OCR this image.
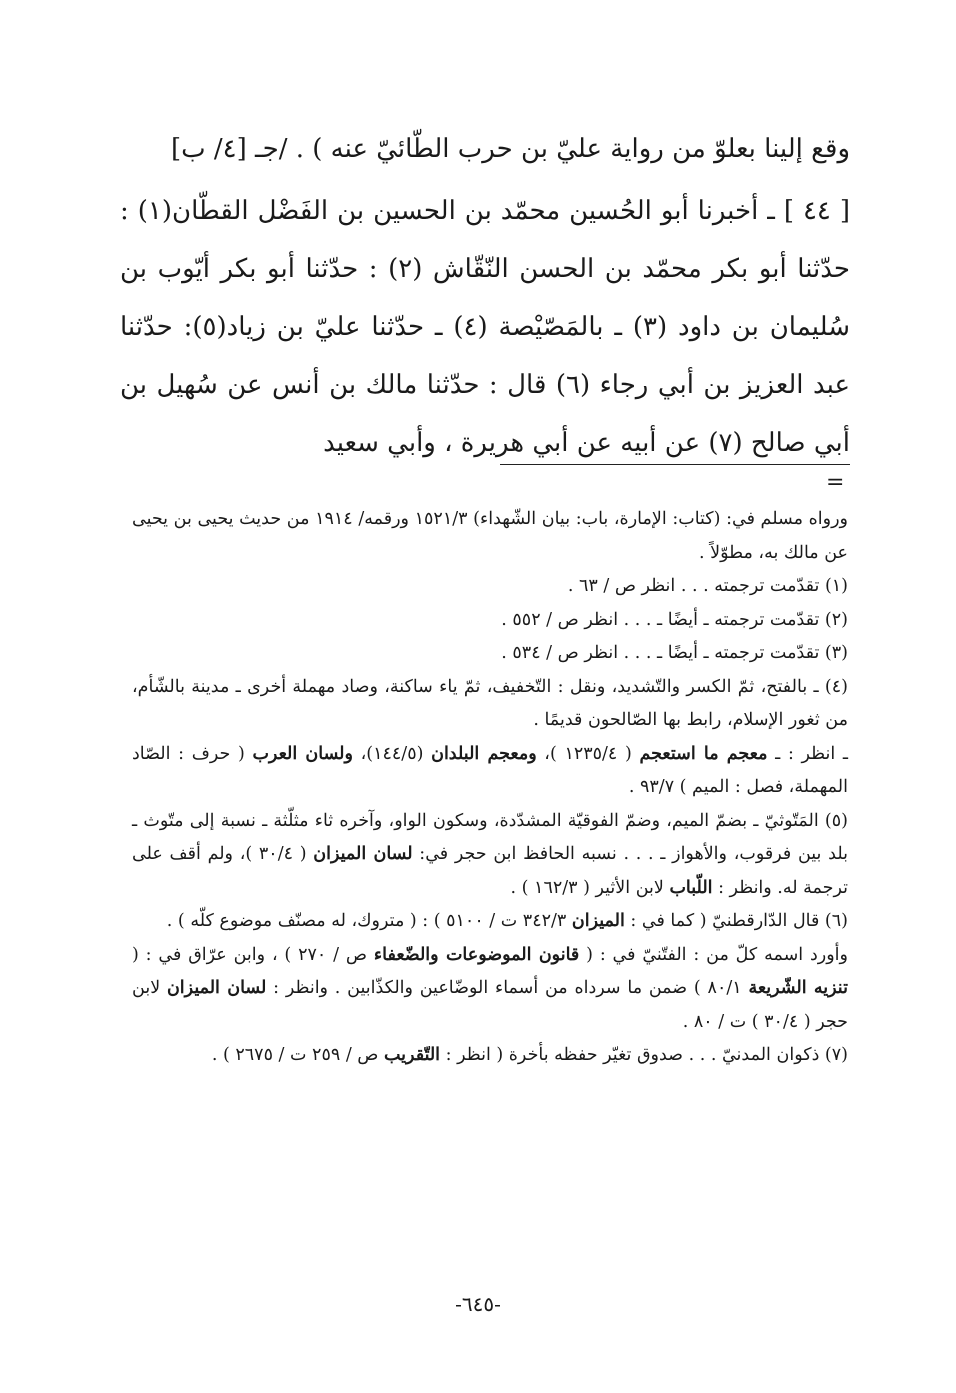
وقع إلينا بعلوّ من رواية عليّ بن حرب الطّائيّ عنه ) . /جـ [٤/ ب]

[ ٤٤ ] ـ أخبرنا أبو الحُسين محمّد بن الحسين بن الفَضْل القطّان(١) : حدّثنا أبو بكر محمّد بن الحسن النّقّاش (٢) : حدّثنا أبو بكر أيّوب بن سُليمان بن داود (٣) ـ بالمَصّيْصة (٤) ـ حدّثنا عليّ بن زياد(٥): حدّثنا عبد العزيز بن أبي رجاء (٦) قال : حدّثنا مالك بن أنس عن سُهيل بن أبي صالح (٧) عن أبيه عن أبي هريرة ، وأبي سعيد

=

ورواه مسلم في: (كتاب: الإمارة، باب: بيان الشّهداء) ١٥٢١/٣ ورقمه/ ١٩١٤ من حديث يحيى بن يحيى عن مالك به، مطوّلاً .

(١) تقدّمت ترجمته . . . انظر ص / ٦٣ .

(٢) تقدّمت ترجمته ـ أيضًا ـ . . . انظر ص / ٥٥٢ .

(٣) تقدّمت ترجمته ـ أيضًا ـ . . . انظر ص / ٥٣٤ .

(٤) ـ بالفتح، ثمّ الكسر والتّشديد، ونقل : التّخفيف، ثمّ ياء ساكنة، وصاد مهملة أخرى ـ مدينة بالشّأم، من ثغور الإسلام، رابط بها الصّالحون قديمًا .

ـ انظر : ـ معجم ما استعجم ( ١٢٣٥/٤ )، ومعجم البلدان (١٤٤/٥)، ولسان العرب ( حرف : الصّاد المهملة، فصل : الميم ) ٩٣/٧ .

(٥) المَتّوثيّ ـ بضمّ الميم، وضمّ الفوقيّة المشدّدة، وسكون الواو، وآخره ثاء مثلّثة ـ نسبة إلى متّوث ـ بلد بين فرقوب، والأهواز ـ . . . نسبه الحافظ ابن حجر في: لسان الميزان ( ٣٠/٤ )، ولم أقف على ترجمة له. وانظر : اللّباب لابن الأثير ( ١٦٢/٣ ) .

(٦) قال الدّارقطنيّ ( كما في : الميزان ٣٤٢/٣ ت / ٥١٠٠ ) : ( متروك، له مصنّف موضوع كلّه ) .

وأورد اسمه كلّ من : الفتّنيّ في : ( قانون الموضوعات والضّعفاء ص / ٢٧٠ ) ، وابن عرّاق في : ( تنزيه الشّريعة ٨٠/١ ) ضمن ما سرداه من أسماء الوضّاعين والكذّابين . وانظر : لسان الميزان لابن حجر ( ٣٠/٤ ) ت / ٨٠ .

(٧) ذكوان المدنيّ . . . صدوق تغيّر حفظه بأخرة ( انظر : التّقريب ص / ٢٥٩ ت / ٢٦٧٥ ) .

-٦٤٥-
